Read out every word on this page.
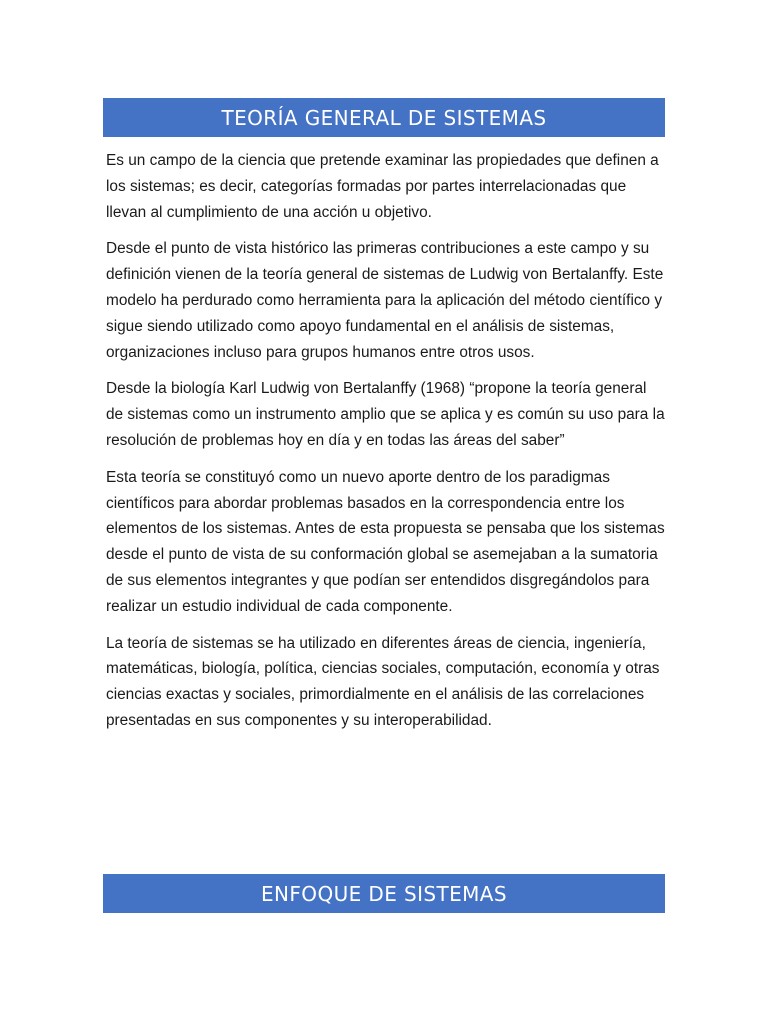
TEORÍA GENERAL DE SISTEMAS

Es un campo de la ciencia que pretende examinar las propiedades que definen a los sistemas; es decir, categorías formadas por partes interrelacionadas que llevan al cumplimiento de una acción u objetivo.

Desde el punto de vista histórico las primeras contribuciones a este campo y su definición vienen de la teoría general de sistemas de Ludwig von Bertalanffy. Este modelo ha perdurado como herramienta para la aplicación del método científico y sigue siendo utilizado como apoyo fundamental en el análisis de sistemas, organizaciones incluso para grupos humanos entre otros usos.

Desde la biología Karl Ludwig von Bertalanffy (1968) “propone la teoría general de sistemas como un instrumento amplio que se aplica y es común su uso para la resolución de problemas hoy en día y en todas las áreas del saber”

Esta teoría se constituyó como un nuevo aporte dentro de los paradigmas científicos para abordar problemas basados en la correspondencia entre los elementos de los sistemas. Antes de esta propuesta se pensaba que los sistemas desde el punto de vista de su conformación global se asemejaban a la sumatoria de sus elementos integrantes y que podían ser entendidos disgregándolos para realizar un estudio individual de cada componente.

La teoría de sistemas se ha utilizado en diferentes áreas de ciencia, ingeniería, matemáticas, biología, política, ciencias sociales, computación, economía y otras ciencias exactas y sociales, primordialmente en el análisis de las correlaciones presentadas en sus componentes y su interoperabilidad.

ENFOQUE DE SISTEMAS
